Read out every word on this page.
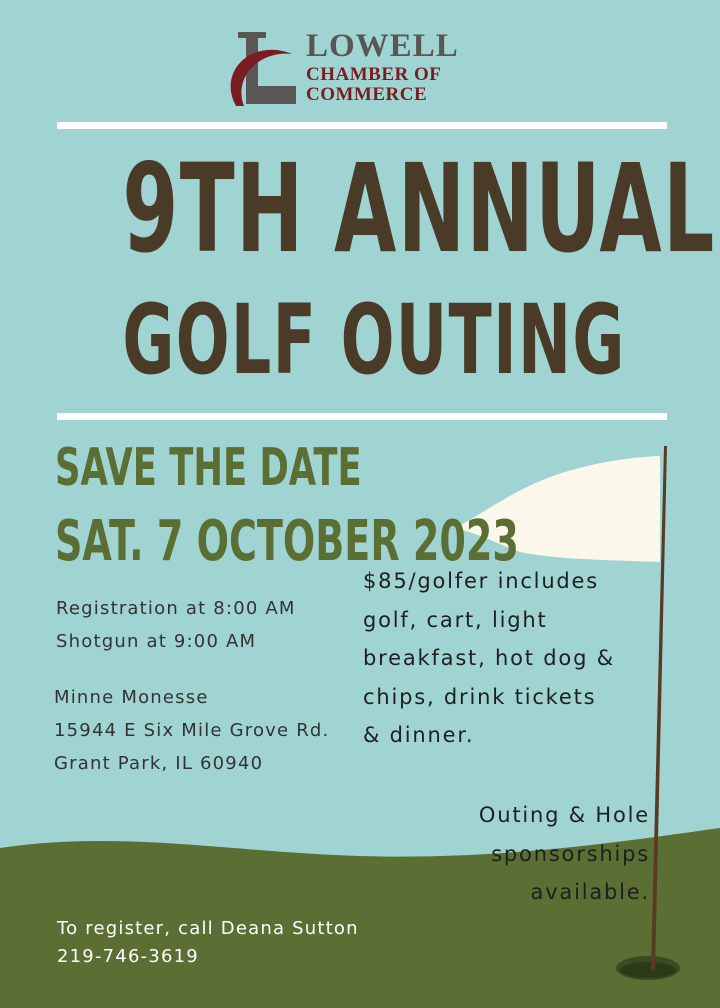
LOWELL
CHAMBER OF
COMMERCE
9TH ANNUAL
GOLF OUTING
SAVE THE DATE
SAT. 7 OCTOBER 2023
Registration at 8:00 AM
Shotgun at 9:00 AM
Minne Monesse
15944 E Six Mile Grove Rd.
Grant Park, IL 60940
$85/golfer includes
golf, cart, light
breakfast, hot dog &
chips, drink tickets
& dinner.
Outing & Hole
sponsorships
available.
To register, call Deana Sutton
219-746-3619
